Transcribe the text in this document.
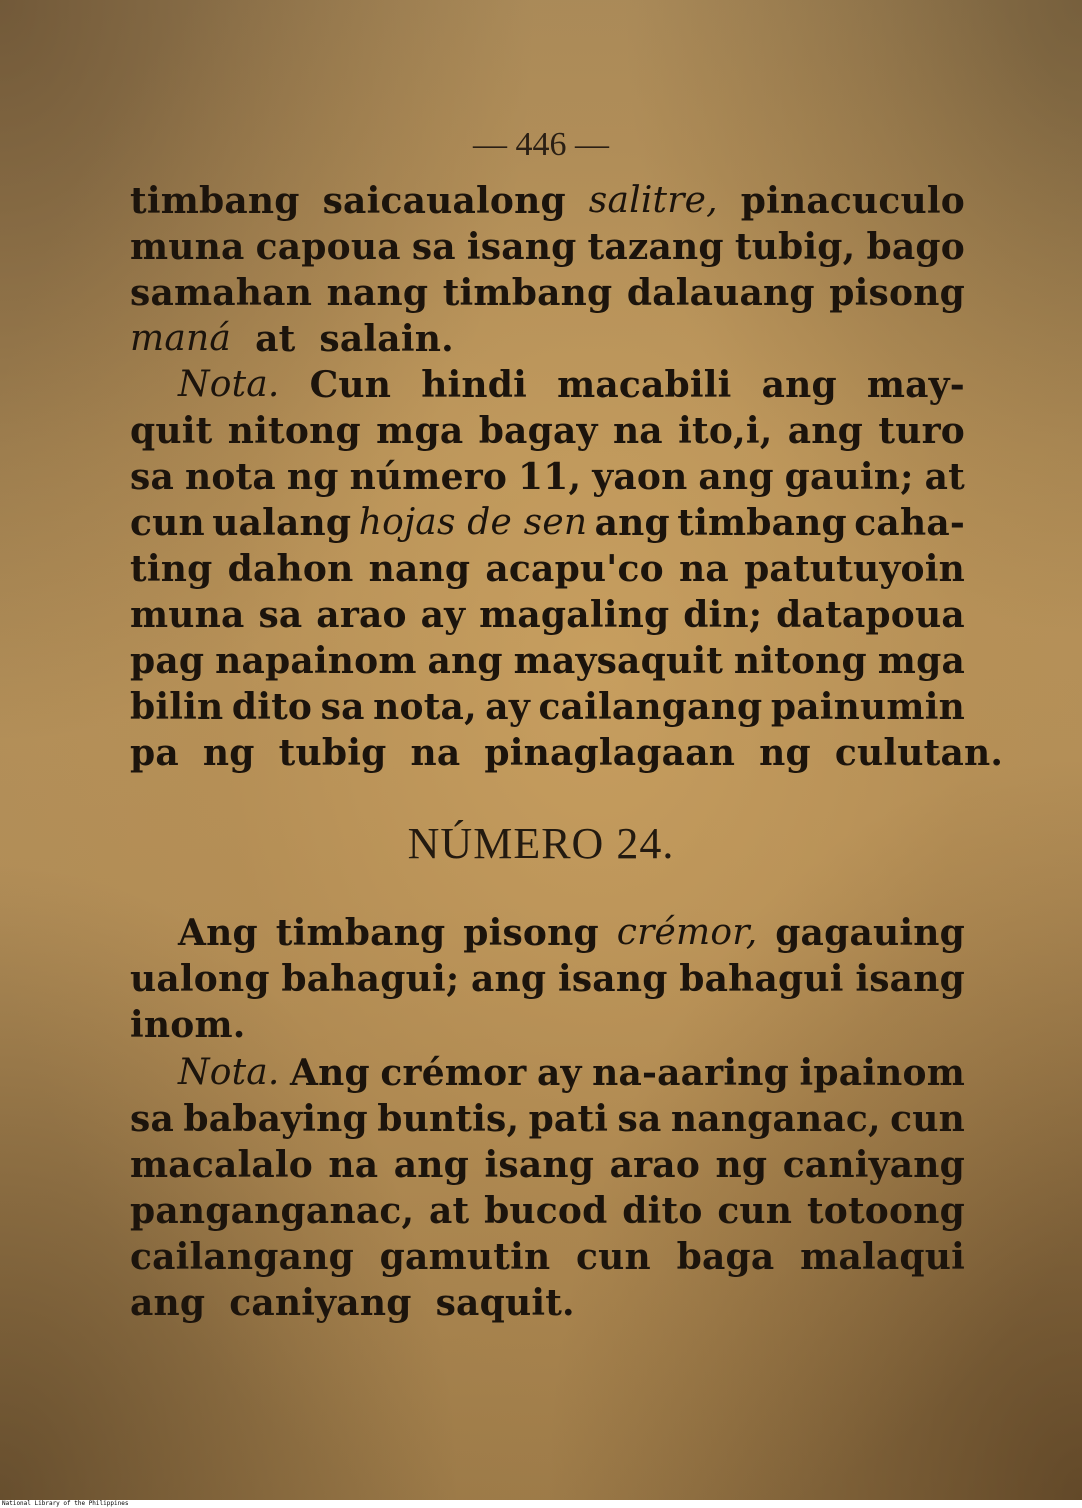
— 446 —
timbang saicaualong salitre, pinacuculo
muna capoua sa isang tazang tubig, bago
samahan nang timbang dalauang pisong
maná at salain.
Nota. Cun hindi macabili ang may-
quit nitong mga bagay na ito,i, ang turo
sa nota ng número 11, yaon ang gauin; at
cun ualang hojas de sen ang timbang caha-
ting dahon nang acapu'co na patutuyoin
muna sa arao ay magaling din; datapoua
pag napainom ang maysaquit nitong mga
bilin dito sa nota, ay cailangang painumin
pa ng tubig na pinaglagaan ng culutan.
NÚMERO 24.
Ang timbang pisong crémor, gagauing
ualong bahagui; ang isang bahagui isang
inom.
Nota. Ang crémor ay na-aaring ipainom
sa babaying buntis, pati sa nanganac, cun
macalalo na ang isang arao ng caniyang
panganganac, at bucod dito cun totoong
cailangang gamutin cun baga malaqui
ang caniyang saquit.
National Library of the Philippines
